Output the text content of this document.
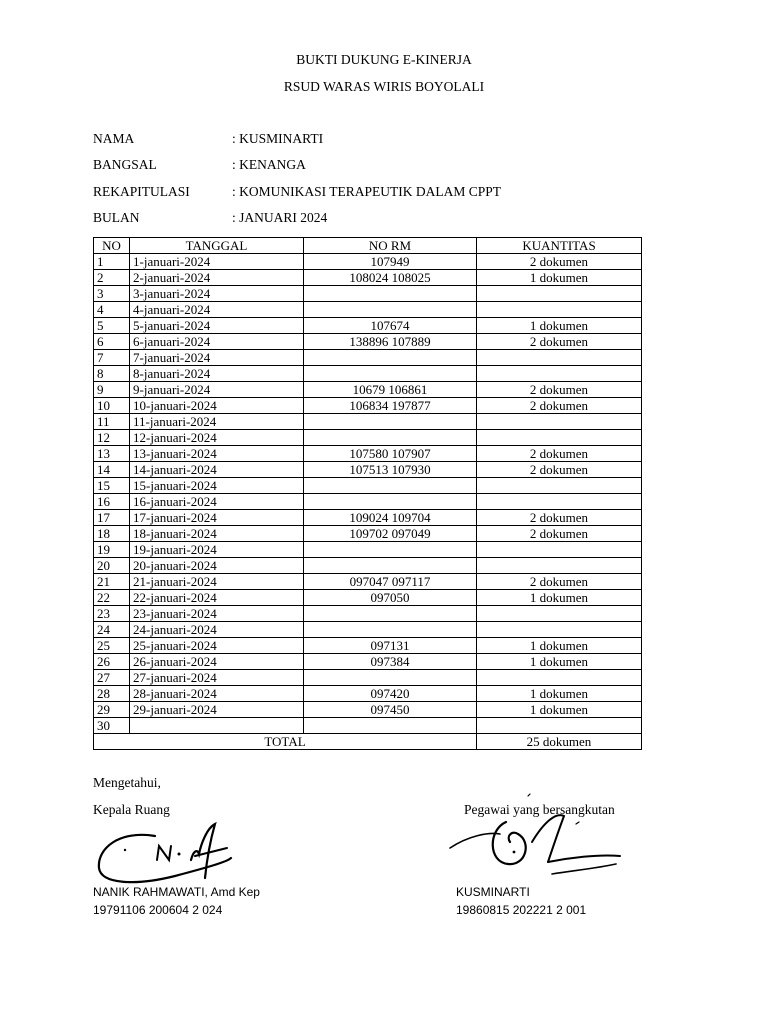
BUKTI DUKUNG E-KINERJA
RSUD WARAS WIRIS BOYOLALI
NAMA	: KUSMINARTI
BANGSAL	: KENANGA
REKAPITULASI	: KOMUNIKASI TERAPEUTIK DALAM CPPT
BULAN	: JANUARI 2024
NO	TANGGAL	NO RM	KUANTITAS
1	1-januari-2024	107949	2 dokumen
2	2-januari-2024	108024 108025	1 dokumen
3	3-januari-2024		
4	4-januari-2024		
5	5-januari-2024	107674	1 dokumen
6	6-januari-2024	138896 107889	2 dokumen
7	7-januari-2024		
8	8-januari-2024		
9	9-januari-2024	10679 106861	2 dokumen
10	10-januari-2024	106834 197877	2 dokumen
11	11-januari-2024		
12	12-januari-2024		
13	13-januari-2024	107580 107907	2 dokumen
14	14-januari-2024	107513 107930	2 dokumen
15	15-januari-2024		
16	16-januari-2024		
17	17-januari-2024	109024 109704	2 dokumen
18	18-januari-2024	109702 097049	2 dokumen
19	19-januari-2024		
20	20-januari-2024		
21	21-januari-2024	097047 097117	2 dokumen
22	22-januari-2024	097050	1 dokumen
23	23-januari-2024		
24	24-januari-2024		
25	25-januari-2024	097131	1 dokumen
26	26-januari-2024	097384	1 dokumen
27	27-januari-2024		
28	28-januari-2024	097420	1 dokumen
29	29-januari-2024	097450	1 dokumen
30			
TOTAL			25 dokumen
Mengetahui,
Kepala Ruang	Pegawai yang bersangkutan
NANIK RAHMAWATI, Amd Kep
19791106 200604 2 024
KUSMINARTI
19860815 202221 2 001
